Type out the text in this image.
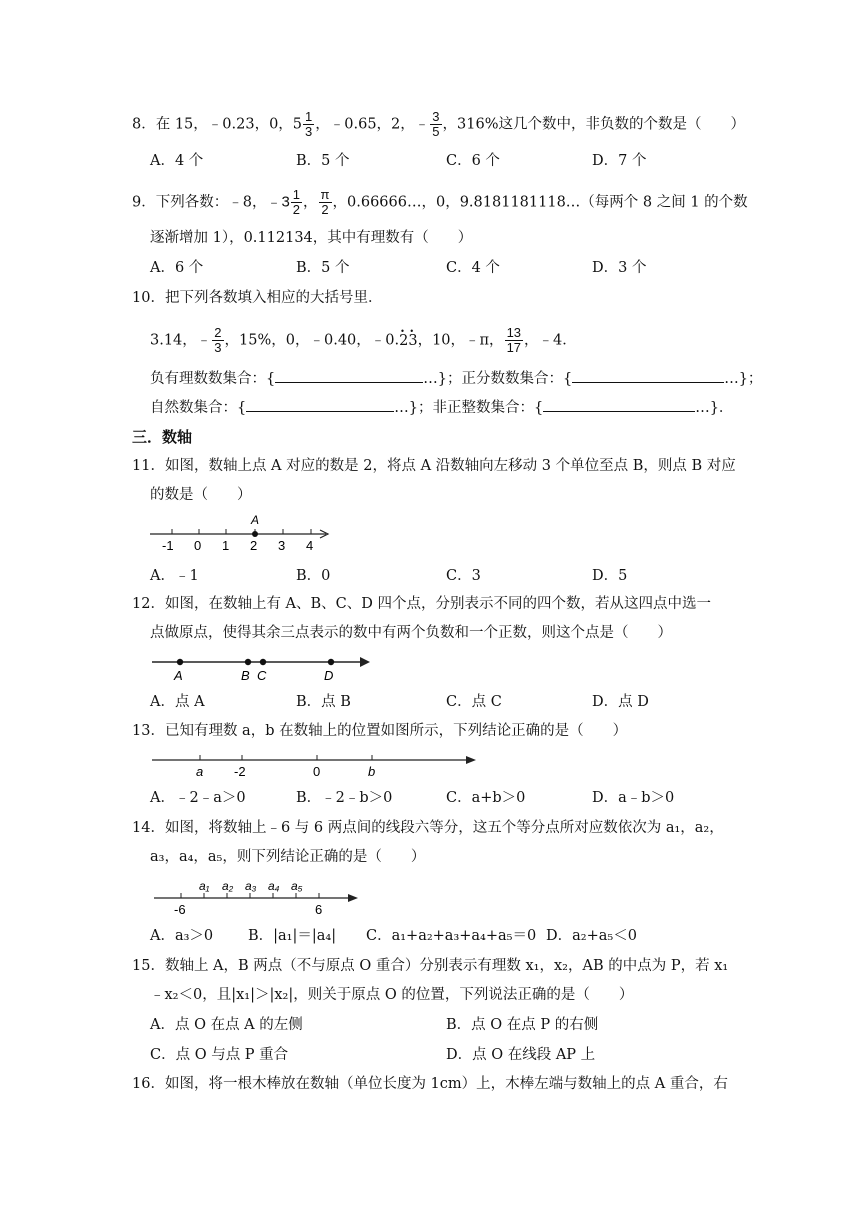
8．在 15，﹣0.23，0，$5 \frac{1}{3}$ ，﹣0.65，2，﹣ $\frac{3}{5}$ ，316%这几个数中，非负数的个数是（　　）
A．4 个	B．5 个	C．6 个	D．7 个
9．下列各数：﹣8，﹣3 $\frac{1}{2}$ ， $\frac{\pi}{2}$ ，0.66666…，0，9.8181181118…（每两个 8 之间 1 的个数
逐渐增加 1），0.112134，其中有理数有（　　）
A．6 个	B．5 个	C．4 个	D．3 个
10．把下列各数填入相应的大括号里．
3.14，﹣ $\frac{2}{3}$ ，15%，0，﹣0.40，﹣0.• 2• 3，10，﹣π， $\frac{13}{17}$ ，﹣4．
负有理数数集合：{	…}；正分数数集合：{	…}；
自然数集合：{	…}；非正整数集合：{	…}．
三．数轴
11．如图，数轴上点 A 对应的数是 2，将点 A 沿数轴向左移动 3 个单位至点 B，则点 B 对应
的数是（　　）
A
-1 0 1 2 3 4
A．﹣1	B．0	C．3	D．5
12．如图，在数轴上有 A、B、C、D 四个点，分别表示不同的四个数，若从这四点中选一
点做原点，使得其余三点表示的数中有两个负数和一个正数，则这个点是（　　）
A	B C	D
A．点 A	B．点 B	C．点 C	D．点 D
13．已知有理数 a，b 在数轴上的位置如图所示，下列结论正确的是（　　）
a -2	0	b
A．﹣2﹣a＞0	B．﹣2﹣b＞0	C．a+b＞0	D．a﹣b＞0
14．如图，将数轴上﹣6 与 6 两点间的线段六等分，这五个等分点所对应数依次为 a₁，a₂，
a₃，a₄，a₅，则下列结论正确的是（　　）
a₁ a₂ a₃ a₄ a₅
-6	6
A．a₃＞0 B．|a₁|＝|a₄| C．a₁+a₂+a₃+a₄+a₅＝0 D．a₂+a₅＜0
15．数轴上 A，B 两点（不与原点 O 重合）分别表示有理数 x₁，x₂，AB 的中点为 P，若 x₁
﹣x₂＜0，且|x₁|＞|x₂|，则关于原点 O 的位置，下列说法正确的是（　　）
A．点 O 在点 A 的左侧	B．点 O 在点 P 的右侧
C．点 O 与点 P 重合	D．点 O 在线段 AP 上
16．如图，将一根木棒放在数轴（单位长度为 1cm）上，木棒左端与数轴上的点 A 重合，右
